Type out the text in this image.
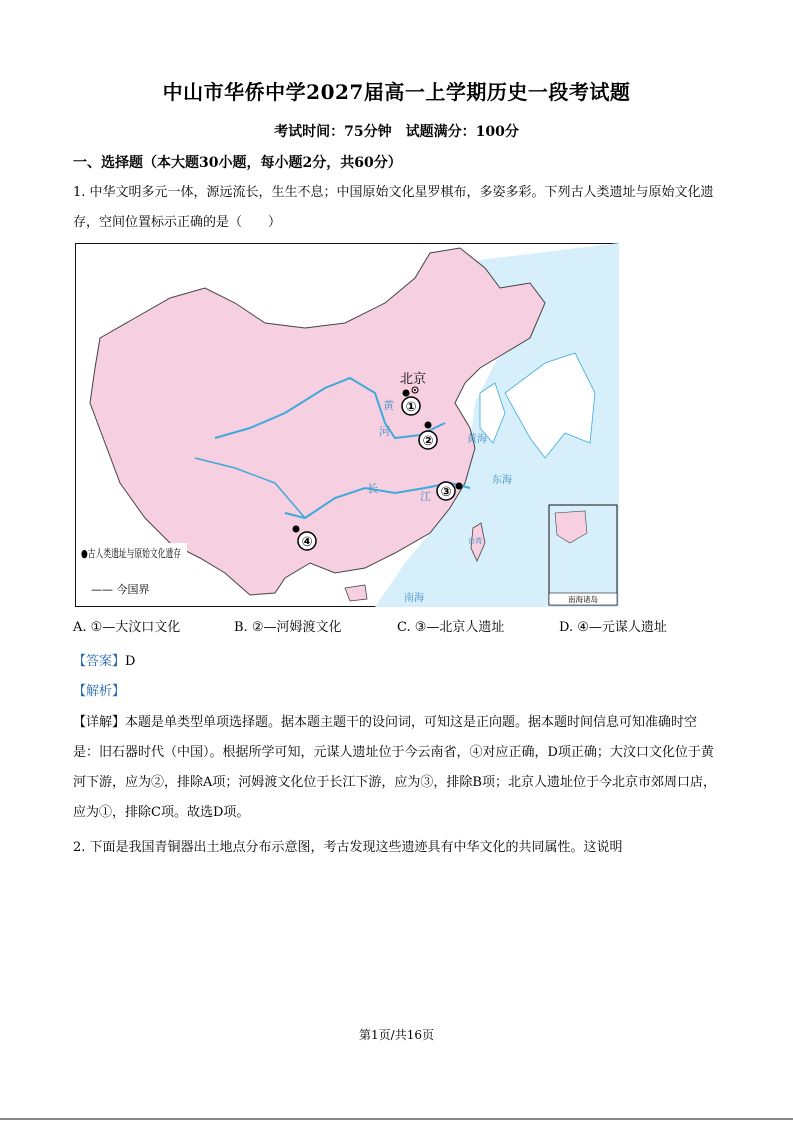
中山市华侨中学2027届高一上学期历史一段考试题
考试时间：75分钟　试题满分：100分
一、选择题（本大题30小题，每小题2分，共60分）
1. 中华文明多元一体，源远流长，生生不息；中国原始文化星罗棋布，多姿多彩。下列古人类遗址与原始文化遗存，空间位置标示正确的是（　　）
南海诸岛
北京
①
②
③
④
黄
河
长
江
黄海
东海
南海
台湾
●古人类遗址与原始文化遗存
—— 今国界
A. ①—大汶口文化	B. ②—河姆渡文化	C. ③—北京人遗址	D. ④—元谋人遗址
【答案】D
【解析】
【详解】本题是单类型单项选择题。据本题主题干的设问词，可知这是正向题。据本题时间信息可知准确时空是：旧石器时代（中国）。根据所学可知，元谋人遗址位于今云南省，④对应正确，D项正确；大汶口文化位于黄河下游，应为②，排除A项；河姆渡文化位于长江下游，应为③，排除B项；北京人遗址位于今北京市郊周口店，应为①，排除C项。故选D项。
2. 下面是我国青铜器出土地点分布示意图，考古发现这些遗迹具有中华文化的共同属性。这说明
第1页/共16页
